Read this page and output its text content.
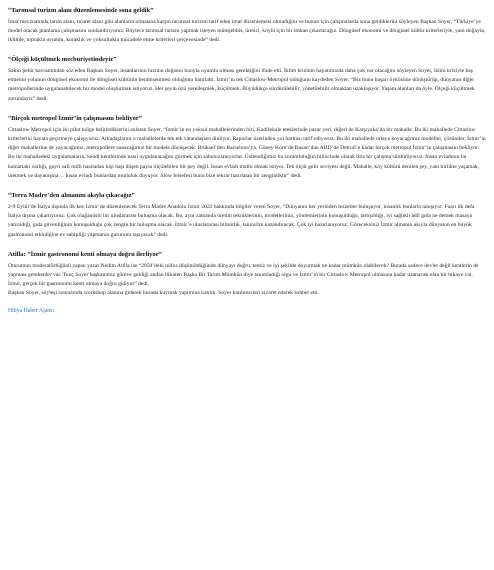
“Tarımsal turizm alanı düzenlemesinde sona geldik”

İmar mevzuatında tarım alanı, ticaret alanı gibi alanların olmasına karşın tarımsal turizmi tarif eden imar düzenlemesi olmadığını ve bunun için çalışmalarda sona geldiklerini söyleyen Başkan Soyer, “Türkiye’ye model olacak planlama çalışmasını sonlandırıyoruz. Böylece tarımsal turizm yapmak isteyen müteşebbis, üretici, köylü için bir imkan çıkartacağız. Döngüsel ekonomi ve döngüsel kültür kriterleriyle, yani doğayla, iklimle, toprakla uyumlu, kuraklık ve yoksullukla mücadele etme kriterleri çerçevesinde” dedi.

“Ölçeği küçültmek mecburiyetindeyiz”

Sakin Şehir kavramından söz eden Başkan Soyer, insanlarının hızının doğanın hızıyla uyumlu olması gerektiğini ifade etti. İklim krizinin hayatımızda daha çok var olacağını söyleyen Soyer, iklim kriziyle baş etmenin yolunun döngüsel ekonomi ile döngüsel kültürün benimsenmesi olduğunu hatırlattı. İzmir’in tek Cittaslow Metropol olduğunu kaydeden Soyer, “Biz bunu başarı öyküsüne dönüştürüp, dünyanın diğer metropollerinde uygulanabilecek bir model oluşturmak istiyoruz. Her şeyin özü yerelleşmek, küçülmek. Büyüdükçe sürdürülebilir, yönetilebilir olmaktan uzaklaşıyor. Yaşam alanları da öyle. Ölçeği küçültmek zorundayız” dedi.

“Birçok metropol İzmir’in çalışmasını bekliyor”

Cittaslow Metropol için iki pilot bölge belirlediklerini anlatan Soyer, “İzmir’in en yoksul mahallelerinden biri, Kadifekale eteklerinde pazar yeri, diğeri de Karşıyaka’da bir mahalle. Bu iki mahallede Cittaslow kriterlerini hayata geçirmeye çalışıyoruz. Arkadaşlarım o mahallelerde tek tek vatandaşları dinliyor. Raporlar üzerinden yol haritası tarif ediyoruz. Bu iki mahallede ortaya koyacağımız modeller, çözümler, İzmir’in diğer mahallerine de yayacağımız, metropollere sunacağımız bir modele dönüşecek. Brüksel’den Barselona’ya, Güney Kore’de Busan’dan ABD’de Detroit’e kadar birçok metropol İzmir’in çalışmasını bekliyor. Bu iki mahalledeki uygulamaların, kendi kentlerinde nasıl uygulanacağını görmek için sabırsızlanıyorlar. Üstlendiğimiz bu sorumluluğun bilincinde olarak titiz bir çalışma sürdürüyoruz. İnsan evladının bu kainattaki varlığı, gayri safi milli hasıladan kişi başı düşen payla ölçülebilen bir pey değil. İnsan evladı mutlu olmak istiyor. Tek ölçüt gelir seviyesi değil. Mahalle, köy kültürü denilen şey, yani birlikte yaşamak, üretmek ve dayanışma… İnsan evladı bunlardan mutluluk duyuyor. Slow felsefesi bunu bize tekrar hatırlatan bir zenginliktir” dedi.

“Terra Madre’den alınanım akıyla çıkacağız”

2-9 Eylül’de İtalya dışında ilk kez İzmir’de düzenlenecek Terra Madre Anadolu İzmir 2022 hakkında bilgiler veren Soyer, “Dünyanın her yerinden lezzetler buluşuyor, insanlık bunlarla tanışıyor. Fuarı ilk defa İtalya dışına çıkartıyoruz. Çok olağanüstü bir uluslararası buluşma olacak. Bu, aynı zamanda üretim tekniklerinin, modellerinin, yöntemlerinin konuşulduğu, tartışıldığı, iyi sağlıklı adil gıda ne demek masaya yatırıldığı, gıda güvenliğinin konuşulduğu çok zengin bir buluşma olacak. İzmir’e uluslararası bilinirlik, tanınırlık kazandıracak. Çok iyi hazırlanıyoruz. Göreceksiniz İzmir alınanın akıyla dünyanın en büyük gastronomi etkinliğine ev sahipliği yapmanın gururunu taşıyacak” dedi.

Atilla: “İzmir gastronomi kenti olmaya doğru ilerliyor”

Oturumun moderatörlüğünü yapan yazar Nedim Atilla ise “2050’deki nüfus düşünüldüğünde dünyayı doğru, temiz ve iyi şekilde doyurmak ne kadar mümkün olabilecek? Burada sadece devlet değil kentlerin de yapması gerekenler var. Tunç Soyer başkanımız göreve geldiği andan itibaren Başka Bir Tarım Mümkün diye tanımladığı olgu ve İzmir’in bir Cittaslow Metropol olmasına kadar uzanacak olan bir hikaye var. İzmir, gerçek bir gastronomi kenti olmaya doğru gidiyor” dedi.

Başkan Soyer, söyleşi sonrasında workshop alanına giderek burada kuymak yapımına katıldı. Soyer katılımcıları ziyaret ederek sohbet etti.

Hibya Haber Ajansı
